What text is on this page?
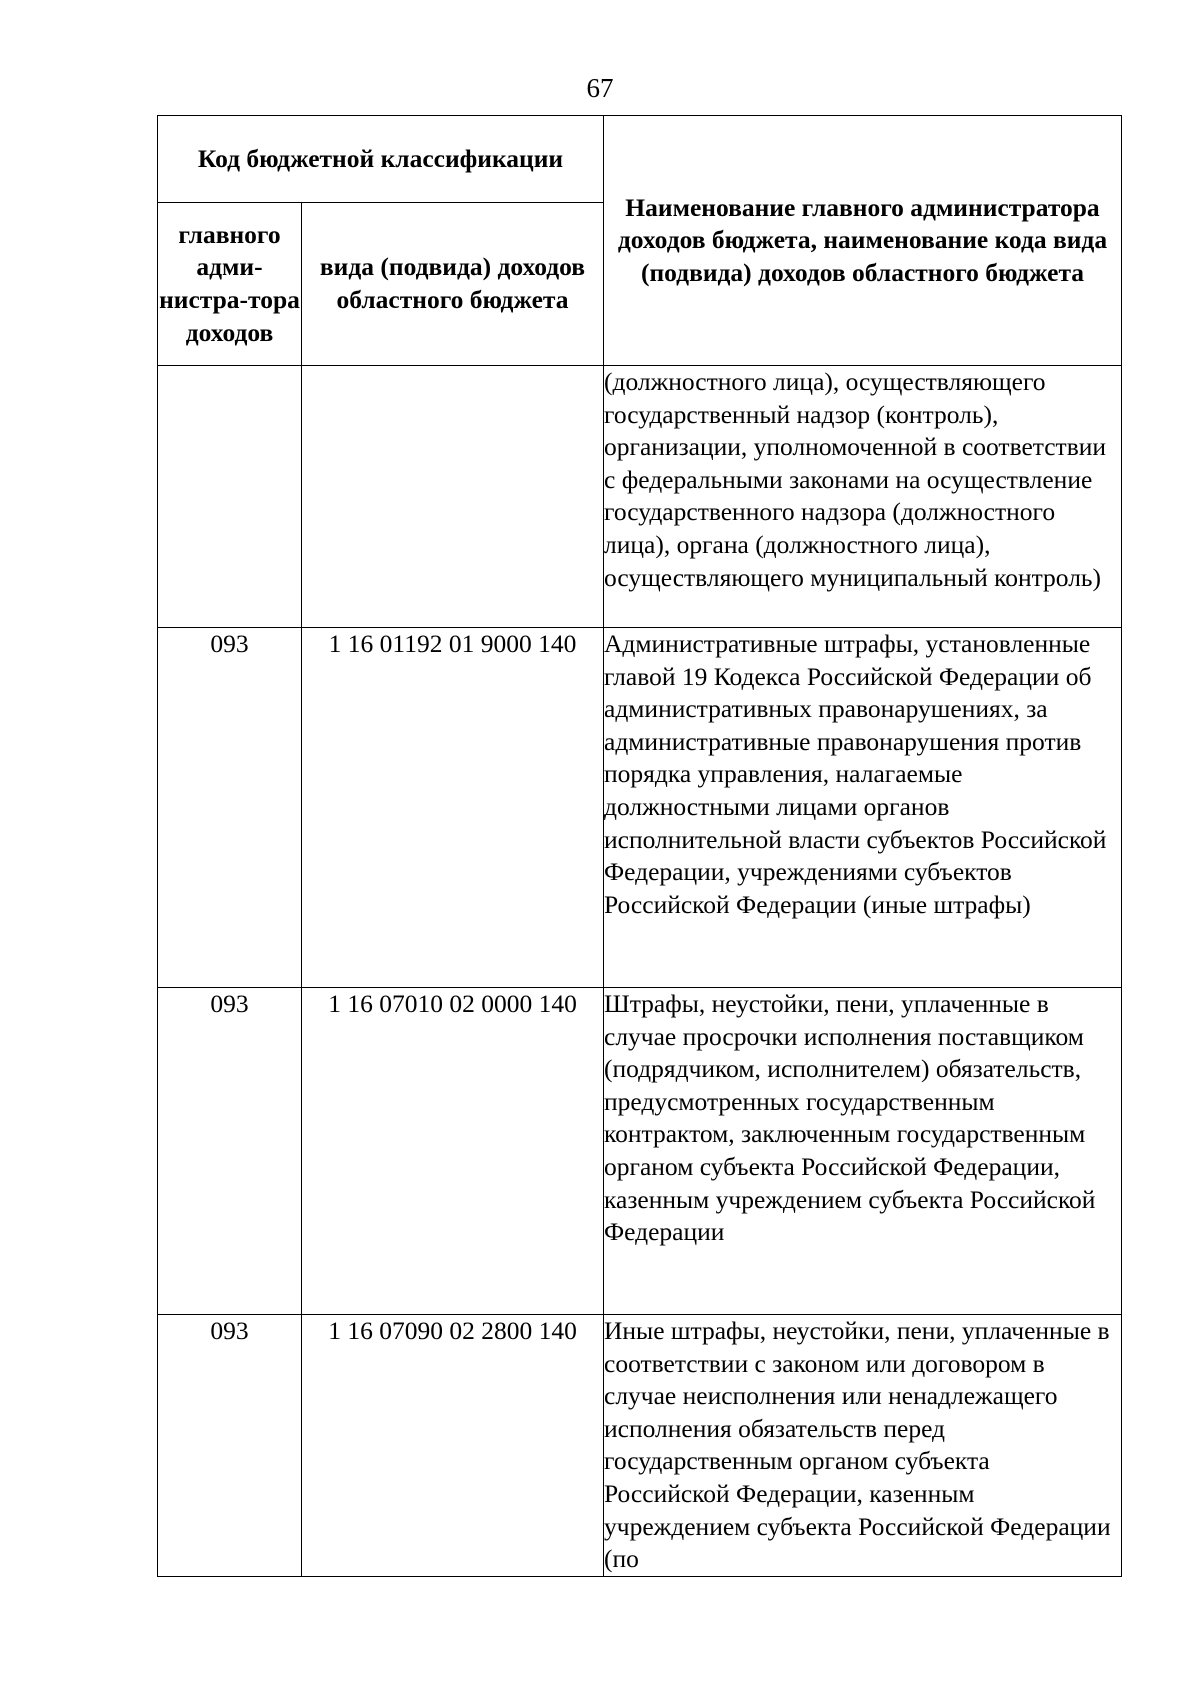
67
Код бюджетной классификации		Наименование главного администратора доходов бюджета, наименование кода вида (подвида) доходов областного бюджета
главного адми-нистра-тора доходов	вида (подвида) доходов областного бюджета	
		(должностного лица), осуществляющего государственный надзор (контроль), организации, уполномоченной в соответствии с федеральными законами на осуществление государственного надзора (должностного лица), органа (должностного лица), осуществляющего муниципальный контроль)
093	1 16 01192 01 9000 140	Административные штрафы, установленные главой 19 Кодекса Российской Федерации об административных правонарушениях, за административные правонарушения против порядка управления, налагаемые должностными лицами органов исполнительной власти субъектов Российской Федерации, учреждениями субъектов Российской Федерации (иные штрафы)
093	1 16 07010 02 0000 140	Штрафы, неустойки, пени, уплаченные в случае просрочки исполнения поставщиком (подрядчиком, исполнителем) обязательств, предусмотренных государственным контрактом, заключенным государственным органом субъекта Российской Федерации, казенным учреждением субъекта Российской Федерации
093	1 16 07090 02 2800 140	Иные штрафы, неустойки, пени, уплаченные в соответствии с законом или договором в случае неисполнения или ненадлежащего исполнения обязательств перед государственным органом субъекта Российской Федерации, казенным учреждением субъекта Российской Федерации (по
